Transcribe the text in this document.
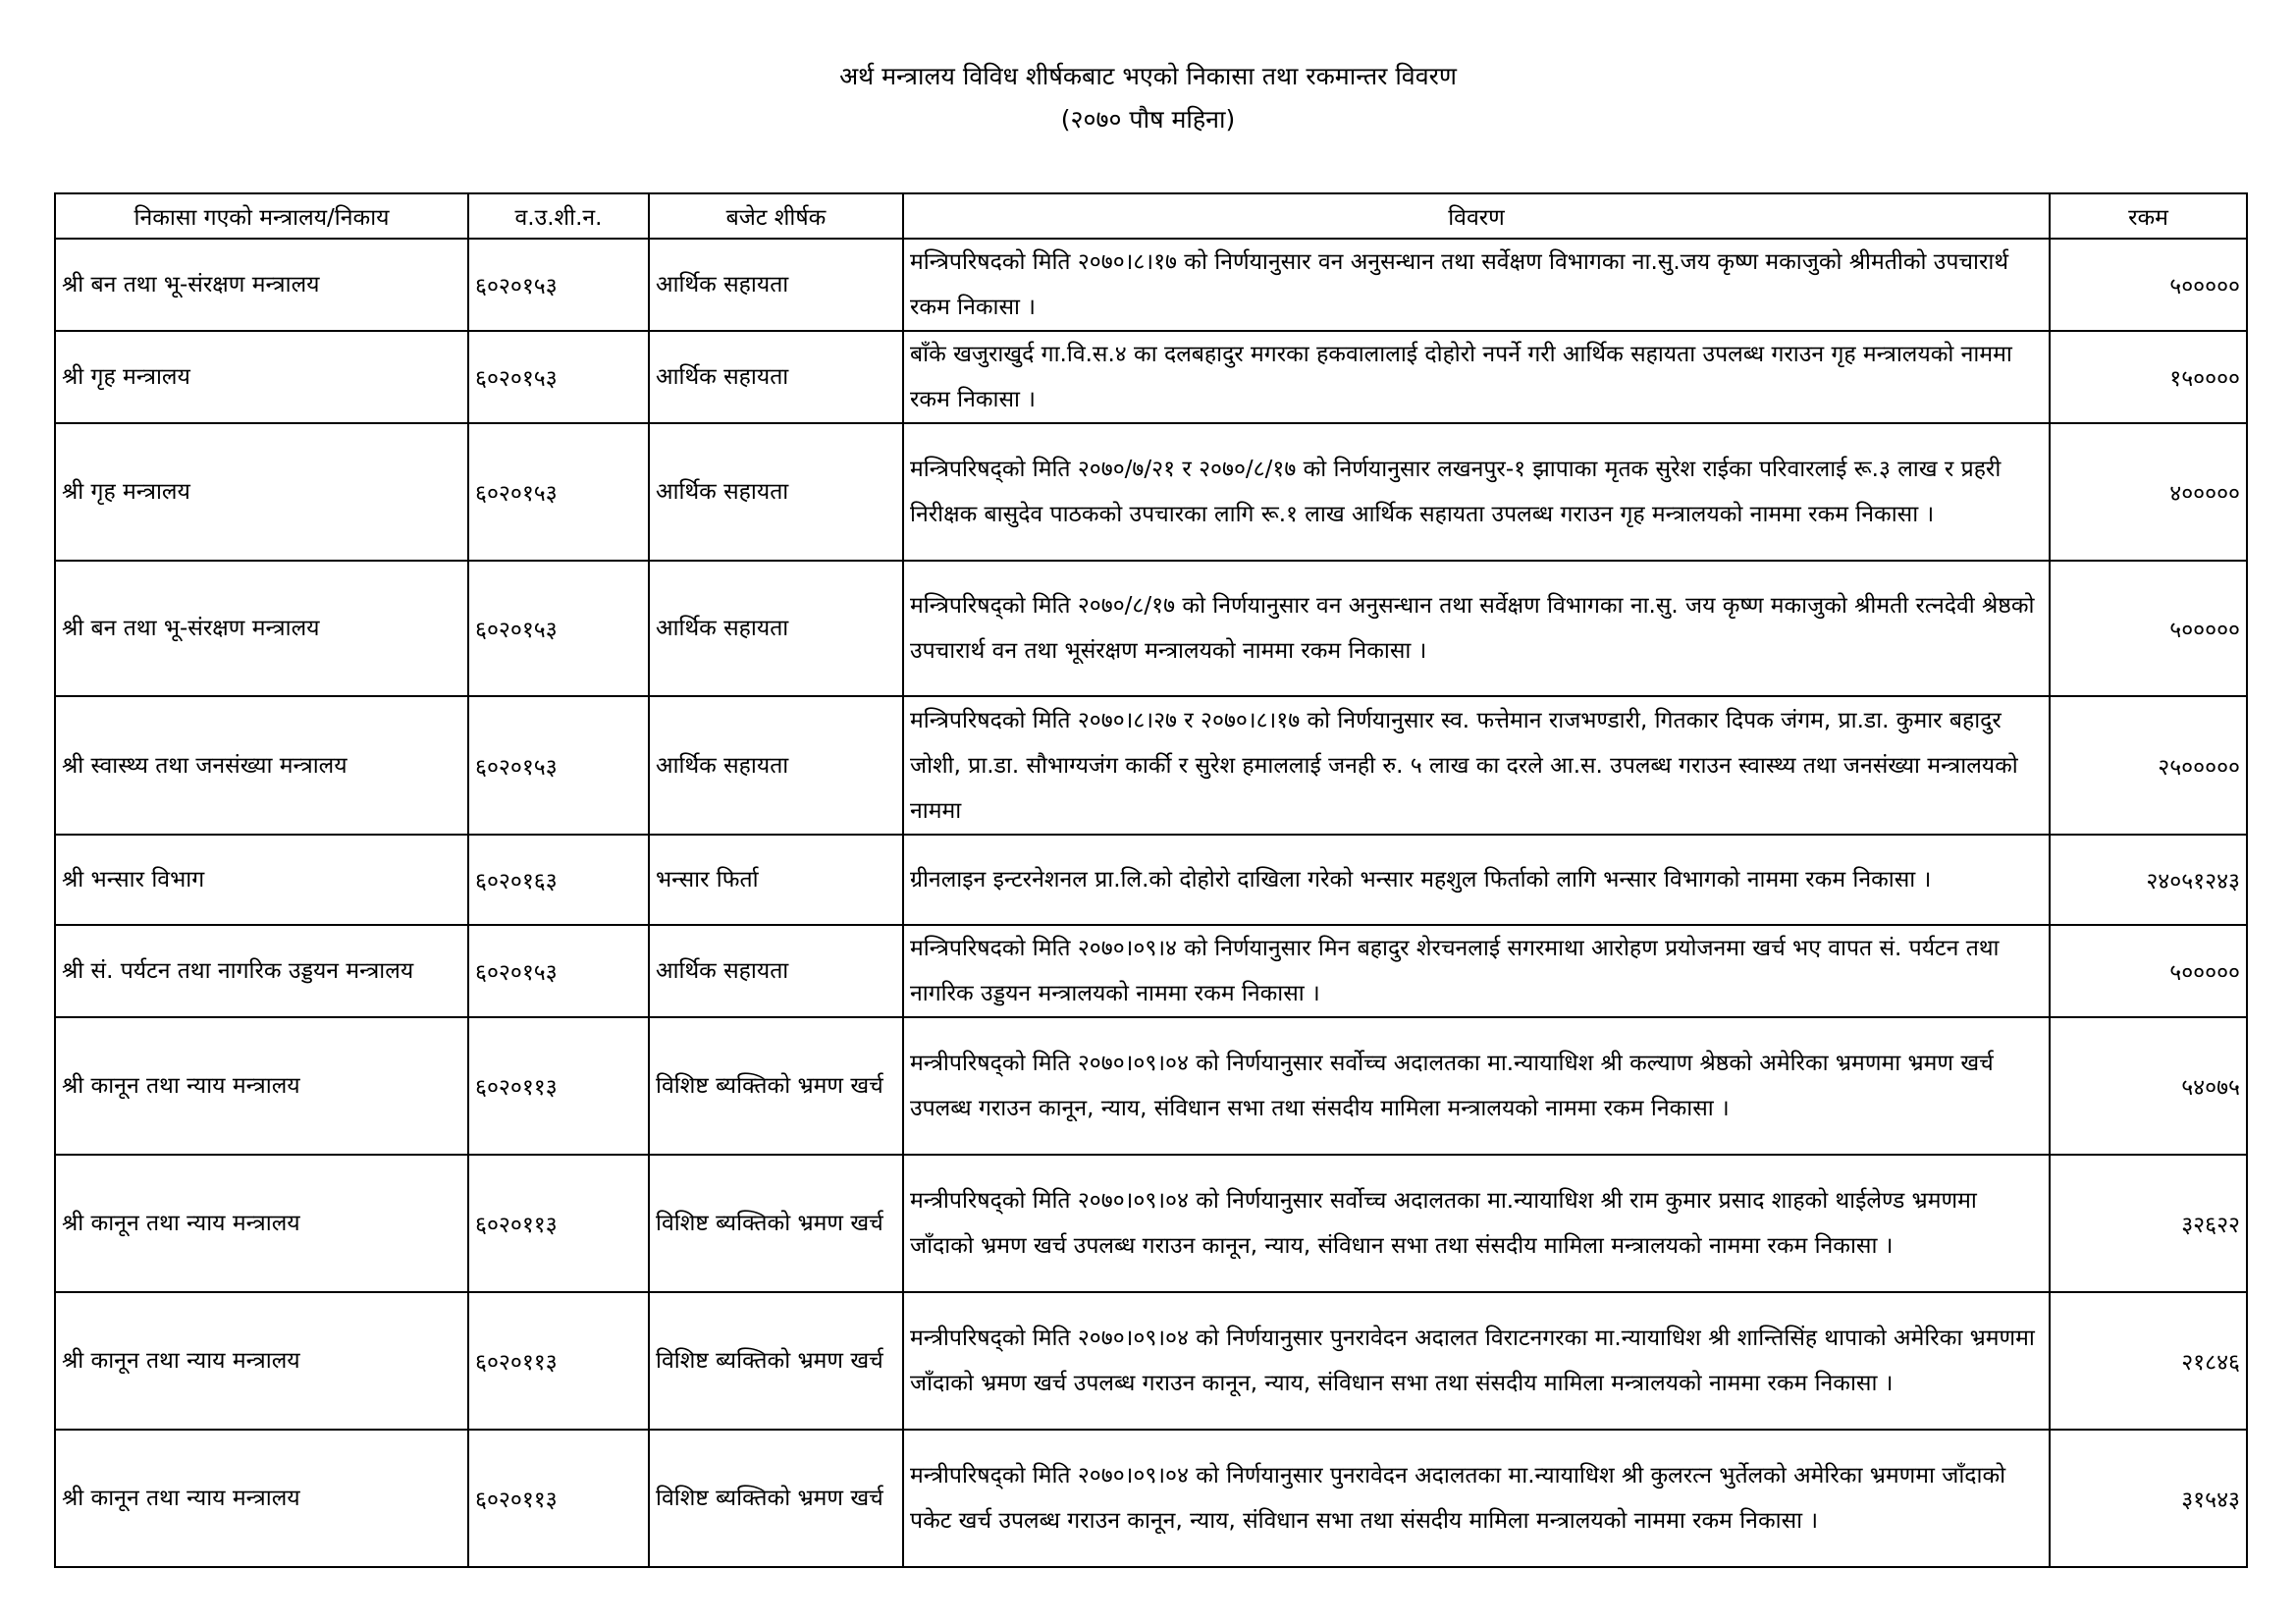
अर्थ मन्त्रालय विविध शीर्षकबाट भएको निकासा तथा रकमान्तर विवरण
(२०७० पौष महिना)
निकासा गएको मन्त्रालय/निकाय	व.उ.शी.न.	बजेट शीर्षक	विवरण	रकम
श्री बन तथा भू-संरक्षण मन्त्रालय	६०२०१५३	आर्थिक सहायता	मन्त्रिपरिषदको मिति २०७०।८।१७ को निर्णयानुसार वन अनुसन्धान तथा सर्वेक्षण विभागका ना.सु.जय कृष्ण मकाजुको श्रीमतीको उपचारार्थ रकम निकासा ।	५०००००
श्री गृह मन्त्रालय	६०२०१५३	आर्थिक सहायता	बाँके खजुराखुर्द गा.वि.स.४ का दलबहादुर मगरका हकवालालाई दोहोरो नपर्ने गरी आर्थिक सहायता उपलब्ध गराउन गृह मन्त्रालयको नाममा रकम निकासा ।	१५००००
श्री गृह मन्त्रालय	६०२०१५३	आर्थिक सहायता	मन्त्रिपरिषद्को मिति २०७०/७/२१ र २०७०/८/१७ को निर्णयानुसार लखनपुर-१ झापाका मृतक सुरेश राईका परिवारलाई रू.३ लाख र प्रहरी निरीक्षक बासुदेव पाठकको उपचारका लागि रू.१ लाख आर्थिक सहायता उपलब्ध गराउन गृह मन्त्रालयको नाममा रकम निकासा ।	४०००००
श्री बन तथा भू-संरक्षण मन्त्रालय	६०२०१५३	आर्थिक सहायता	मन्त्रिपरिषद्को मिति २०७०/८/१७ को निर्णयानुसार वन अनुसन्धान तथा सर्वेक्षण विभागका ना.सु. जय कृष्ण मकाजुको श्रीमती रत्नदेवी श्रेष्ठको उपचारार्थ वन तथा भूसंरक्षण मन्त्रालयको नाममा रकम निकासा ।	५०००००
श्री स्वास्थ्य तथा जनसंख्या मन्त्रालय	६०२०१५३	आर्थिक सहायता	मन्त्रिपरिषदको मिति २०७०।८।२७ र २०७०।८।१७ को निर्णयानुसार स्व. फत्तेमान राजभण्डारी, गितकार दिपक जंगम, प्रा.डा. कुमार बहादुर जोशी, प्रा.डा. सौभाग्यजंग कार्की र सुरेश हमाललाई जनही रु. ५ लाख का दरले आ.स. उपलब्ध गराउन स्वास्थ्य तथा जनसंख्या मन्त्रालयको नाममा	२५०००००
श्री भन्सार विभाग	६०२०१६३	भन्सार फिर्ता	ग्रीनलाइन इन्टरनेशनल प्रा.लि.को दोहोरो दाखिला गरेको भन्सार महशुल फिर्ताको लागि भन्सार विभागको नाममा रकम निकासा ।	२४०५१२४३
श्री सं. पर्यटन तथा नागरिक उड्डयन मन्त्रालय	६०२०१५३	आर्थिक सहायता	मन्त्रिपरिषदको मिति २०७०।०९।४ को निर्णयानुसार मिन बहादुर शेरचनलाई सगरमाथा आरोहण प्रयोजनमा खर्च भए वापत सं. पर्यटन तथा नागरिक उड्डयन मन्त्रालयको नाममा रकम निकासा ।	५०००००
श्री कानून तथा न्याय मन्त्रालय	६०२०११३	विशिष्ट ब्यक्तिको भ्रमण खर्च	मन्त्रीपरिषद्को मिति २०७०।०९।०४ को निर्णयानुसार सर्वोच्च अदालतका मा.न्यायाधिश श्री कल्याण श्रेष्ठको अमेरिका भ्रमणमा भ्रमण खर्च उपलब्ध गराउन कानून, न्याय, संविधान सभा तथा संसदीय मामिला मन्त्रालयको नाममा रकम निकासा ।	५४०७५
श्री कानून तथा न्याय मन्त्रालय	६०२०११३	विशिष्ट ब्यक्तिको भ्रमण खर्च	मन्त्रीपरिषद्को मिति २०७०।०९।०४ को निर्णयानुसार सर्वोच्च अदालतका मा.न्यायाधिश श्री राम कुमार प्रसाद शाहको थाईलेण्ड भ्रमणमा जाँदाको भ्रमण खर्च उपलब्ध गराउन कानून, न्याय, संविधान सभा तथा संसदीय मामिला मन्त्रालयको नाममा रकम निकासा ।	३२६२२
श्री कानून तथा न्याय मन्त्रालय	६०२०११३	विशिष्ट ब्यक्तिको भ्रमण खर्च	मन्त्रीपरिषद्को मिति २०७०।०९।०४ को निर्णयानुसार पुनरावेदन अदालत विराटनगरका मा.न्यायाधिश श्री शान्तिसिंह थापाको अमेरिका भ्रमणमा जाँदाको भ्रमण खर्च उपलब्ध गराउन कानून, न्याय, संविधान सभा तथा संसदीय मामिला मन्त्रालयको नाममा रकम निकासा ।	२१८४६
श्री कानून तथा न्याय मन्त्रालय	६०२०११३	विशिष्ट ब्यक्तिको भ्रमण खर्च	मन्त्रीपरिषद्को मिति २०७०।०९।०४ को निर्णयानुसार पुनरावेदन अदालतका मा.न्यायाधिश श्री कुलरत्न भुर्तेलको अमेरिका भ्रमणमा जाँदाको पकेट खर्च उपलब्ध गराउन कानून, न्याय, संविधान सभा तथा संसदीय मामिला मन्त्रालयको नाममा रकम निकासा ।	३१५४३
